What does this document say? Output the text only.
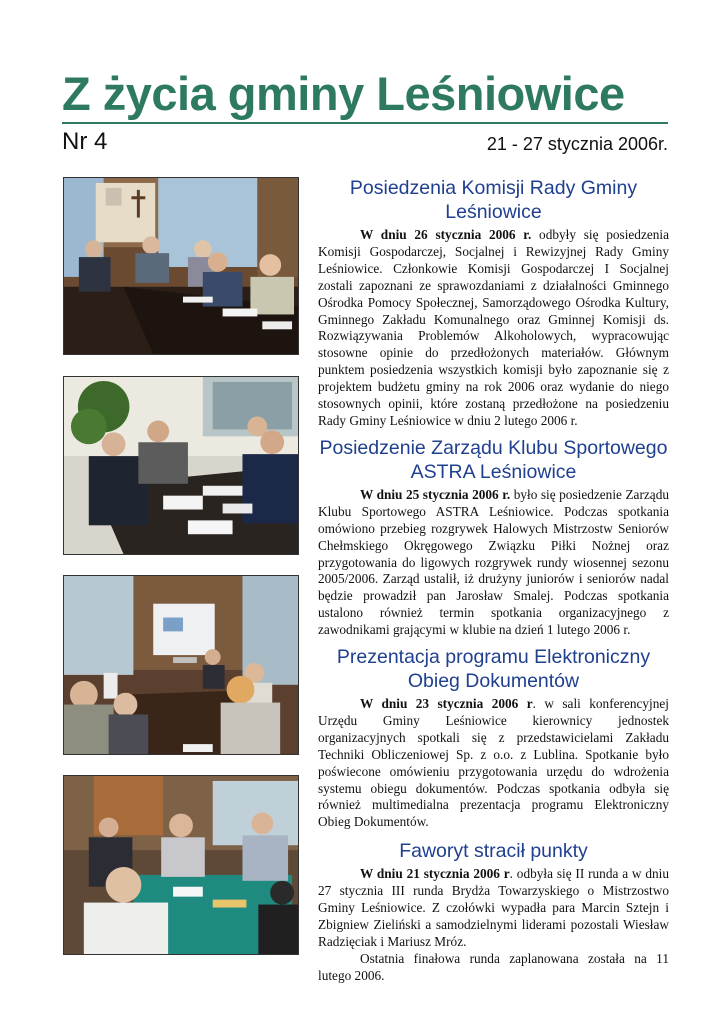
Z życia gminy Leśniowice
Nr 4	21 - 27 stycznia 2006r.
Posiedzenia Komisji Rady Gminy Leśniowice

W dniu 26 stycznia 2006 r. odbyły się posiedzenia Komisji Gospodarczej, Socjalnej i Rewizyjnej Rady Gminy Leśniowice. Członkowie Komisji Gospodarczej I Socjalnej zostali zapoznani ze sprawozdaniami z działalności Gminnego Ośrodka Pomocy Społecznej, Samorządowego Ośrodka Kultury, Gminnego Zakładu Komunalnego oraz Gminnej Komisji ds. Rozwiązywania Problemów Alkoholowych, wypracowując stosowne opinie do przedłożonych materiałów. Głównym punktem posiedzenia wszystkich komisji było zapoznanie się z projektem budżetu gminy na rok 2006 oraz wydanie do niego stosownych opinii, które zostaną przedłożone na posiedzeniu Rady Gminy Leśniowice w dniu 2 lutego 2006 r.

Posiedzenie Zarządu Klubu Sportowego ASTRA Leśniowice

W dniu 25 stycznia 2006 r. było się posiedzenie Zarządu Klubu Sportowego ASTRA Leśniowice. Podczas spotkania omówiono przebieg rozgrywek Halowych Mistrzostw Seniorów Chełmskiego Okręgowego Związku Piłki Nożnej oraz przygotowania do ligowych rozgrywek rundy wiosennej sezonu 2005/2006. Zarząd ustalił, iż drużyny juniorów i seniorów nadal będzie prowadził pan Jarosław Smalej. Podczas spotkania ustalono również termin spotkania organizacyjnego z zawodnikami grającymi w klubie na dzień 1 lutego 2006 r.

Prezentacja programu Elektroniczny Obieg Dokumentów

W dniu 23 stycznia 2006 r. w sali konferencyjnej Urzędu Gminy Leśniowice kierownicy jednostek organizacyjnych spotkali się z przedstawicielami Zakładu Techniki Obliczeniowej Sp. z o.o. z Lublina. Spotkanie było poświecone omówieniu przygotowania urzędu do wdrożenia systemu obiegu dokumentów. Podczas spotkania odbyła się również multimedialna prezentacja programu Elektroniczny Obieg Dokumentów.

Faworyt stracił punkty

W dniu 21 stycznia 2006 r. odbyła się II runda a w dniu 27 stycznia III runda Brydża Towarzyskiego o Mistrzostwo Gminy Leśniowice. Z czołówki wypadła para Marcin Sztejn i Zbigniew Zieliński a samodzielnymi liderami pozostali Wiesław Radzięciak i Mariusz Mróz.

Ostatnia finałowa runda zaplanowana została na 11 lutego 2006.
